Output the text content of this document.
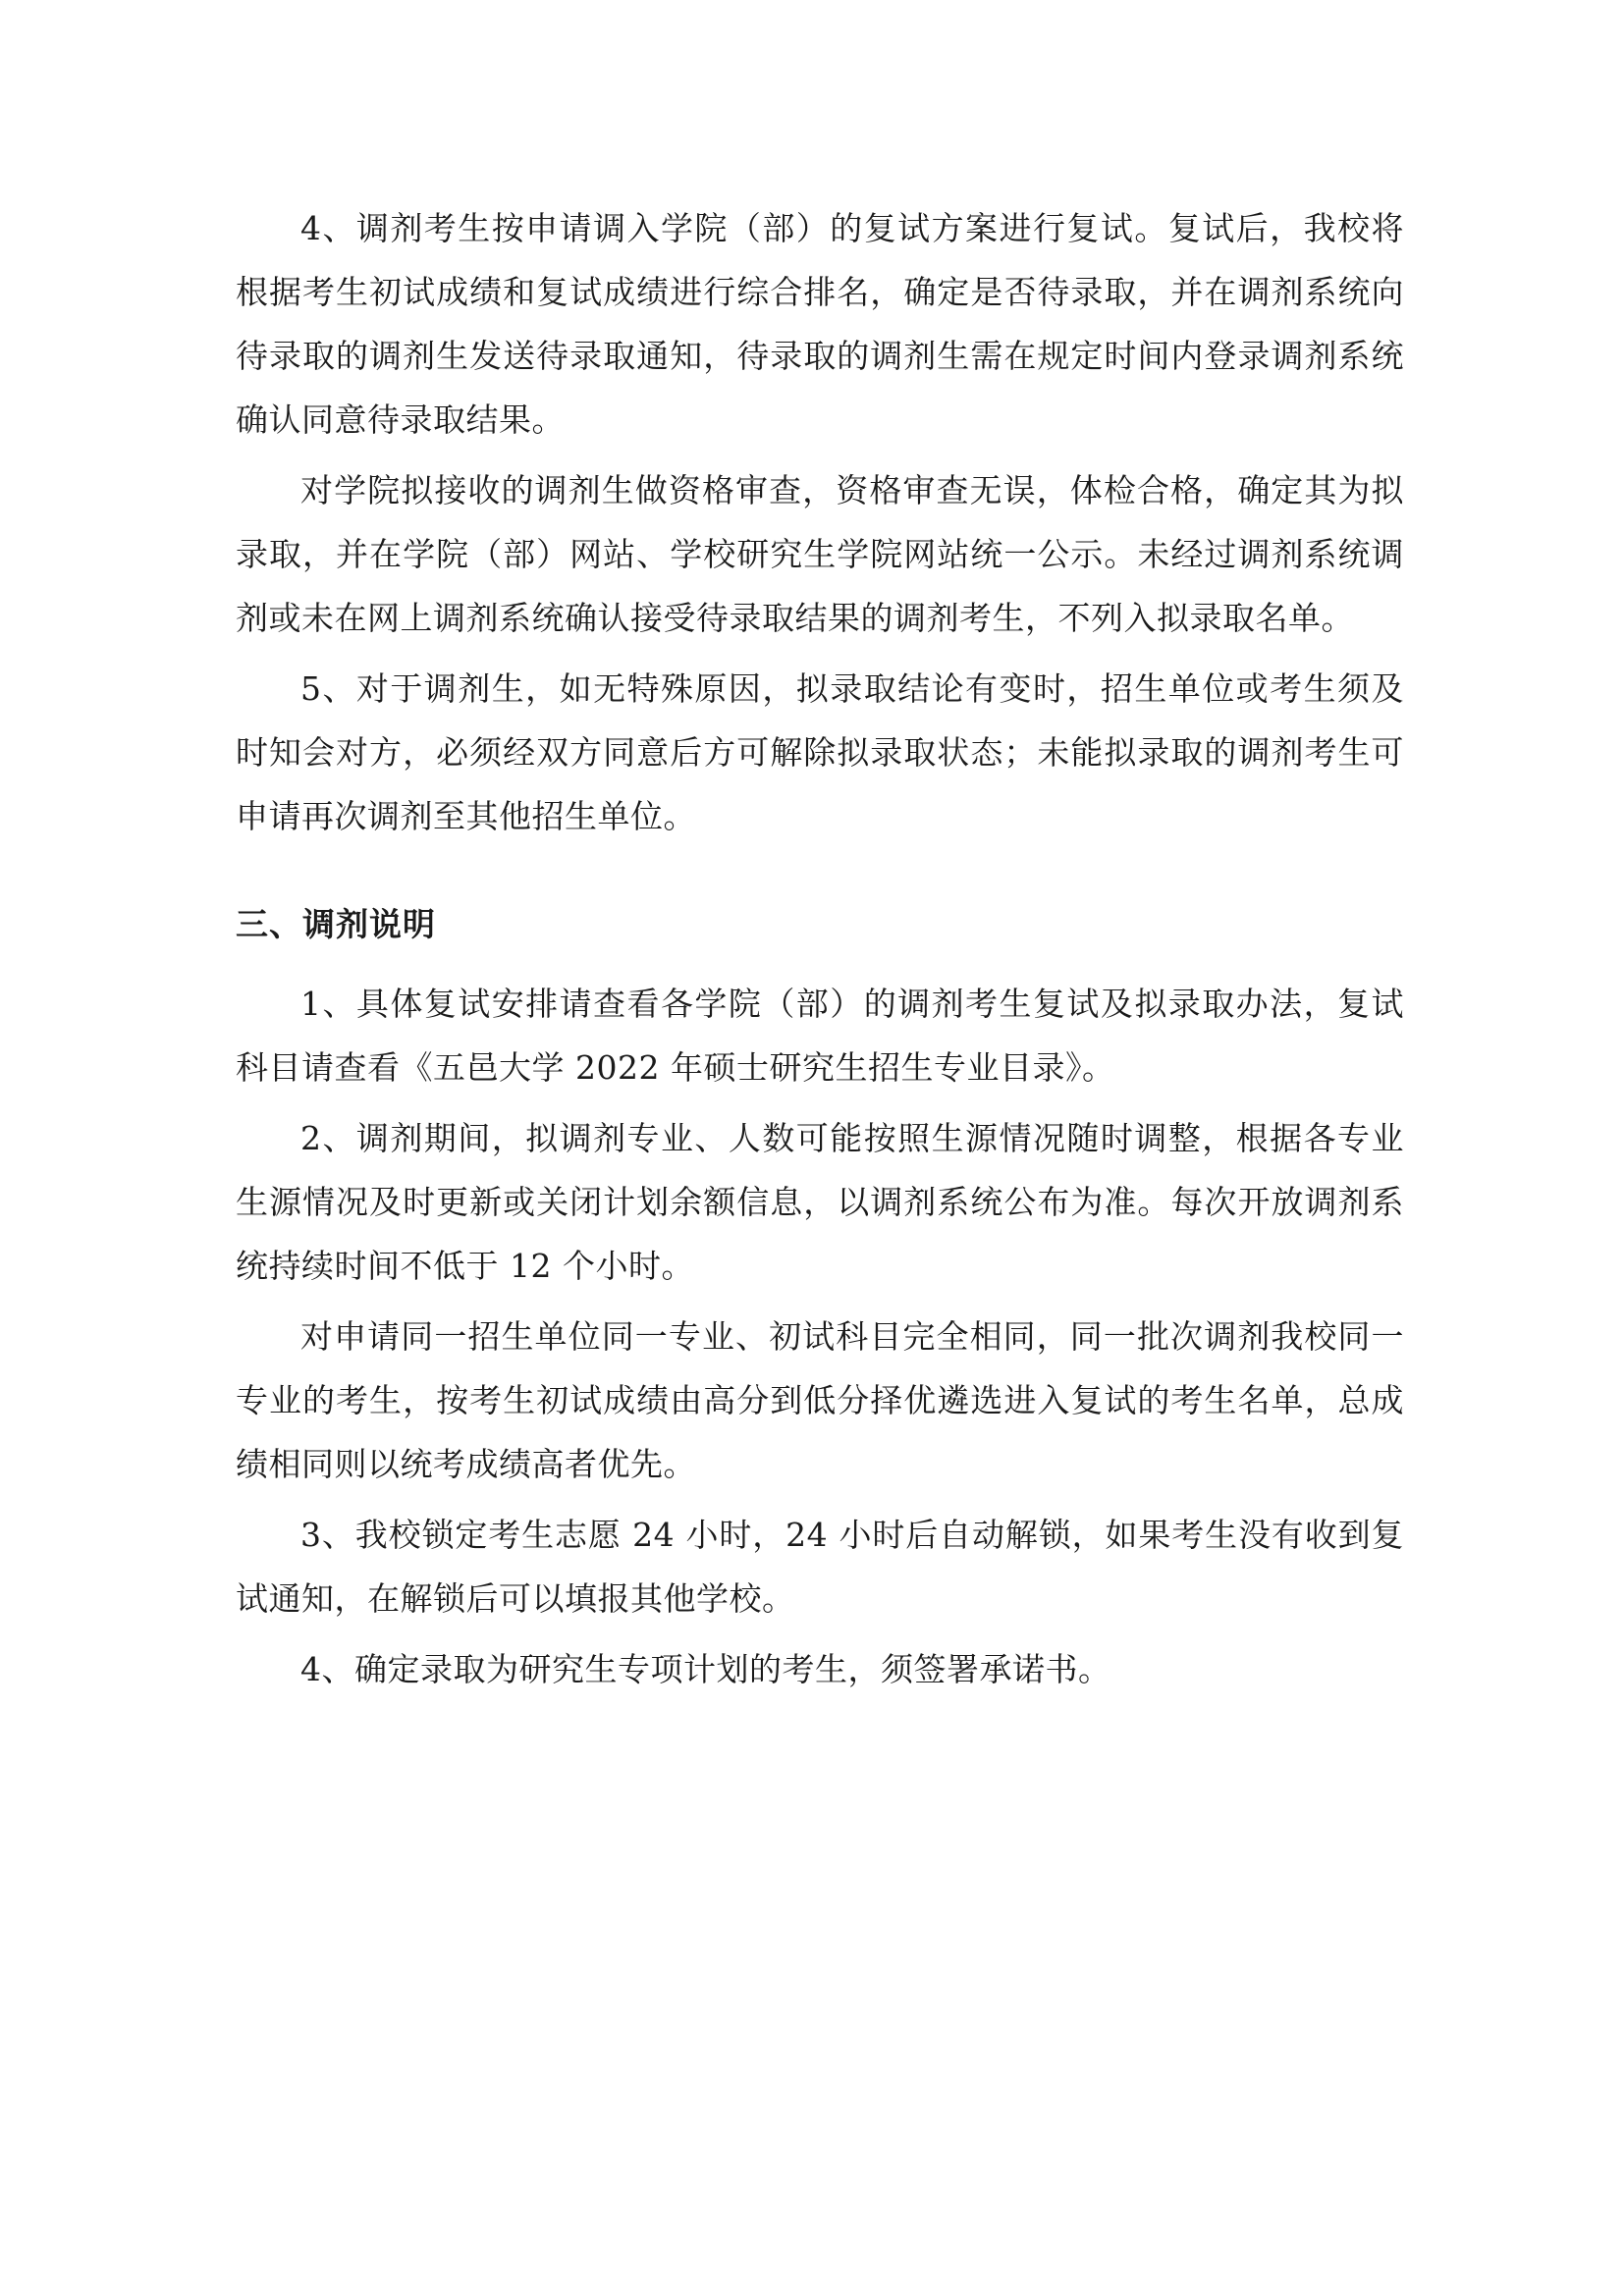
4、调剂考生按申请调入学院（部）的复试方案进行复试。复试后，我校将根据考生初试成绩和复试成绩进行综合排名，确定是否待录取，并在调剂系统向待录取的调剂生发送待录取通知，待录取的调剂生需在规定时间内登录调剂系统确认同意待录取结果。

对学院拟接收的调剂生做资格审查，资格审查无误，体检合格，确定其为拟录取，并在学院（部）网站、学校研究生学院网站统一公示。未经过调剂系统调剂或未在网上调剂系统确认接受待录取结果的调剂考生，不列入拟录取名单。

5、对于调剂生，如无特殊原因，拟录取结论有变时，招生单位或考生须及时知会对方，必须经双方同意后方可解除拟录取状态；未能拟录取的调剂考生可申请再次调剂至其他招生单位。

三、调剂说明

1、具体复试安排请查看各学院（部）的调剂考生复试及拟录取办法，复试科目请查看《五邑大学 2022 年硕士研究生招生专业目录》。

2、调剂期间，拟调剂专业、人数可能按照生源情况随时调整，根据各专业生源情况及时更新或关闭计划余额信息，以调剂系统公布为准。每次开放调剂系统持续时间不低于 12 个小时。

对申请同一招生单位同一专业、初试科目完全相同，同一批次调剂我校同一专业的考生，按考生初试成绩由高分到低分择优遴选进入复试的考生名单，总成绩相同则以统考成绩高者优先。

3、我校锁定考生志愿 24 小时，24 小时后自动解锁，如果考生没有收到复试通知，在解锁后可以填报其他学校。

4、确定录取为研究生专项计划的考生，须签署承诺书。
